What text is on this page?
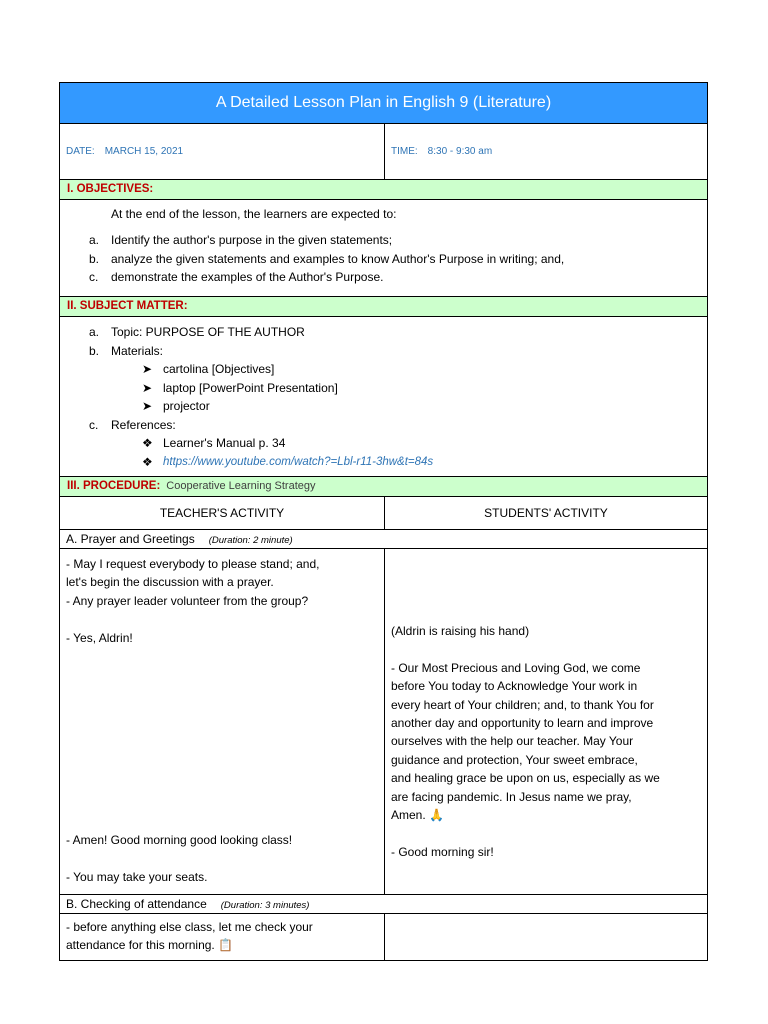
A Detailed Lesson Plan in English 9 (Literature)
DATE: MARCH 15, 2021	TIME: 8:30 - 9:30 am
I. OBJECTIVES:
At the end of the lesson, the learners are expected to:
a. Identify the author's purpose in the given statements;
b. analyze the given statements and examples to know Author's Purpose in writing; and,
c. demonstrate the examples of the Author's Purpose.
II. SUBJECT MATTER:
a. Topic: PURPOSE OF THE AUTHOR
b. Materials:
➤ cartolina [Objectives]
➤ laptop [PowerPoint Presentation]
➤ projector
c. References:
❖ Learner's Manual p. 34
❖ https://www.youtube.com/watch?=Lbl-r11-3hw&t=84s
III. PROCEDURE: Cooperative Learning Strategy
TEACHER'S ACTIVITY	STUDENTS' ACTIVITY
A. Prayer and Greetings (Duration: 2 minute)
- May I request everybody to please stand; and,
let's begin the discussion with a prayer.
- Any prayer leader volunteer from the group?
- Yes, Aldrin!
- Amen! Good morning good looking class!
- You may take your seats.
(Aldrin is raising his hand)
- Our Most Precious and Loving God, we come
before You today to Acknowledge Your work in
every heart of Your children; and, to thank You for
another day and opportunity to learn and improve
ourselves with the help our teacher. May Your
guidance and protection, Your sweet embrace,
and healing grace be upon on us, especially as we
are facing pandemic. In Jesus name we pray,
Amen. 🙏
- Good morning sir!
B. Checking of attendance (Duration: 3 minutes)
- before anything else class, let me check your
attendance for this morning. 📋
